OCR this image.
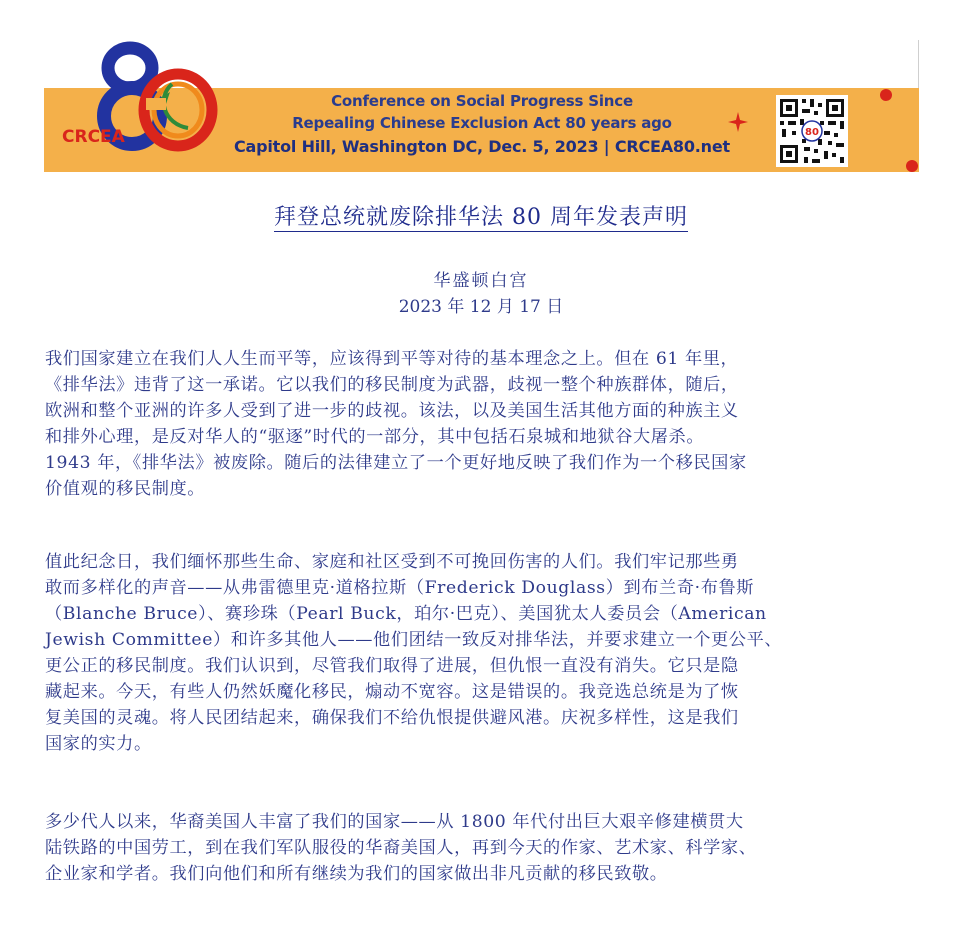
CRCEA
Conference on Social Progress Since
Repealing Chinese Exclusion Act 80 years ago
Capitol Hill, Washington DC, Dec. 5, 2023 | CRCEA80.net
80
拜登总统就废除排华法 80 周年发表声明
华盛顿白宫
2023 年 12 月 17 日

我们国家建立在我们人人生而平等，应该得到平等对待的基本理念之上。但在 61 年里，
《排华法》违背了这一承诺。它以我们的移民制度为武器，歧视一整个种族群体，随后，
欧洲和整个亚洲的许多人受到了进一步的歧视。该法，以及美国生活其他方面的种族主义
和排外心理，是反对华人的“驱逐”时代的一部分，其中包括石泉城和地狱谷大屠杀。
1943 年，《排华法》被废除。随后的法律建立了一个更好地反映了我们作为一个移民国家
价值观的移民制度。

值此纪念日，我们缅怀那些生命、家庭和社区受到不可挽回伤害的人们。我们牢记那些勇
敢而多样化的声音——从弗雷德里克·道格拉斯（Frederick Douglass）到布兰奇·布鲁斯
（Blanche Bruce）、赛珍珠（Pearl Buck，珀尔·巴克）、美国犹太人委员会（American
Jewish Committee）和许多其他人——他们团结一致反对排华法，并要求建立一个更公平、
更公正的移民制度。我们认识到，尽管我们取得了进展，但仇恨一直没有消失。它只是隐
藏起来。今天，有些人仍然妖魔化移民，煽动不宽容。这是错误的。我竞选总统是为了恢
复美国的灵魂。将人民团结起来，确保我们不给仇恨提供避风港。庆祝多样性，这是我们
国家的实力。

多少代人以来，华裔美国人丰富了我们的国家——从 1800 年代付出巨大艰辛修建横贯大
陆铁路的中国劳工，到在我们军队服役的华裔美国人，再到今天的作家、艺术家、科学家、
企业家和学者。我们向他们和所有继续为我们的国家做出非凡贡献的移民致敬。
